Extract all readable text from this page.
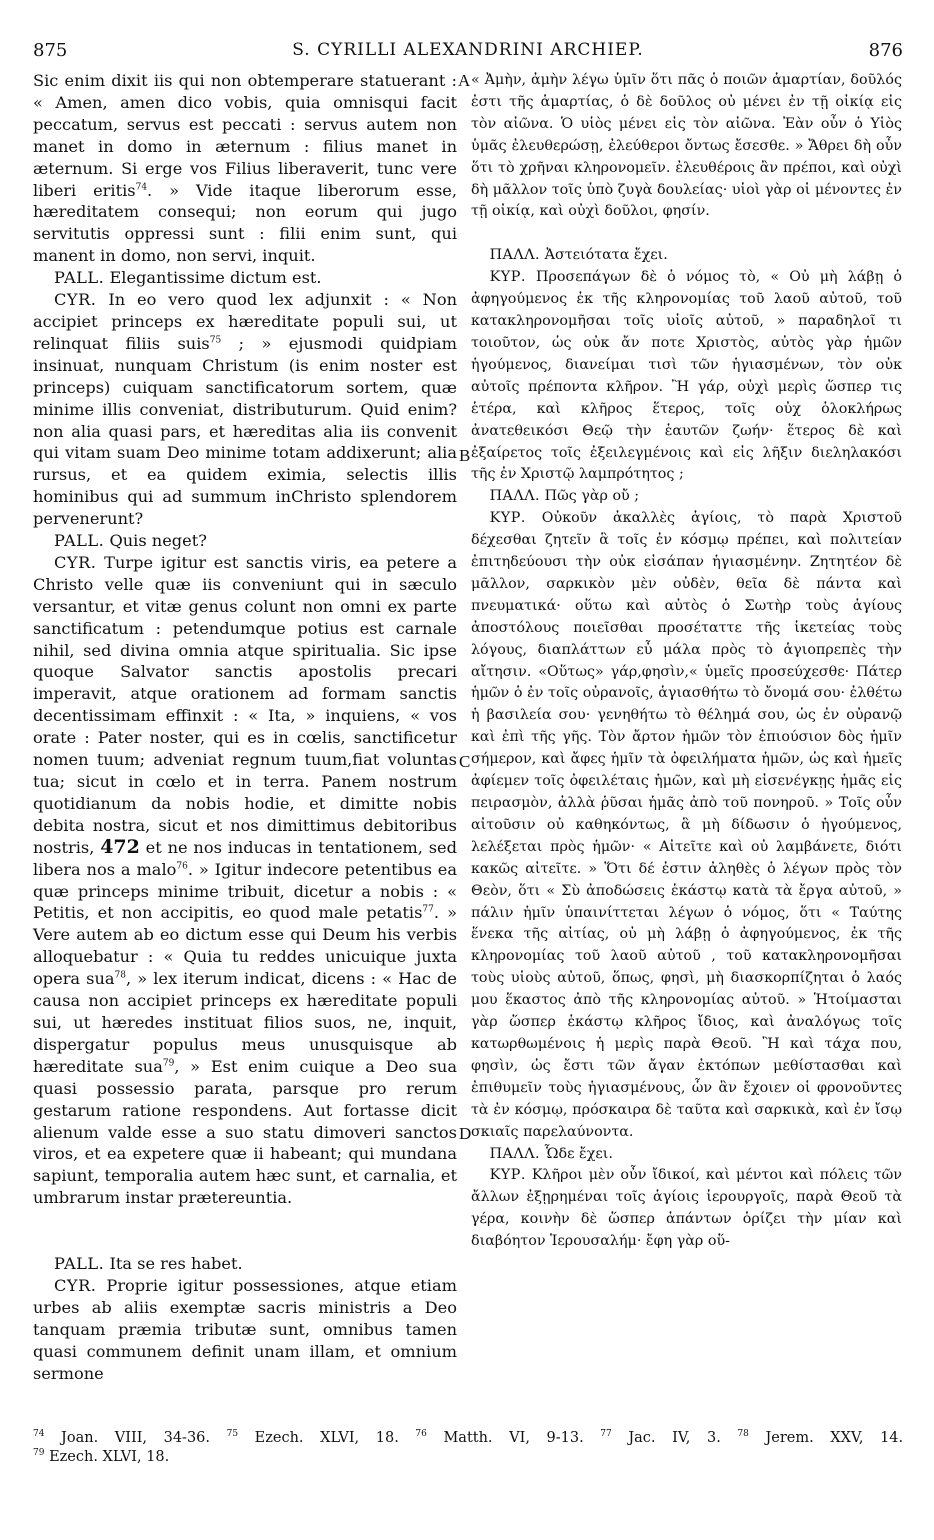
875	S. CYRILLI ALEXANDRINI ARCHIEP.	876
A
B
C
D

Sic enim dixit iis qui non obtemperare statuerant : « Amen, amen dico vobis, quia omnisqui facit peccatum, servus est peccati : servus autem non manet in domo in æternum : filius manet in æternum. Si erge vos Filius liberaverit, tunc vere liberi eritis$^{74}$. » Vide itaque liberorum esse, hæreditatem consequi; non eorum qui jugo servitutis oppressi sunt : filii enim sunt, qui manent in domo, non servi, inquit.

PALL. Elegantissime dictum est.

CYR. In eo vero quod lex adjunxit : « Non accipiet princeps ex hæreditate populi sui, ut relinquat filiis suis$^{75}$ ; » ejusmodi quidpiam insinuat, nunquam Christum (is enim noster est princeps) cuiquam sanctificatorum sortem, quæ minime illis conveniat, distributurum. Quid enim? non alia quasi pars, et hæreditas alia iis convenit qui vitam suam Deo minime totam addixerunt; alia rursus, et ea quidem eximia, selectis illis hominibus qui ad summum inChristo splendorem pervenerunt?

PALL. Quis neget?

CYR. Turpe igitur est sanctis viris, ea petere a Christo velle quæ iis conveniunt qui in sæculo versantur, et vitæ genus colunt non omni ex parte sanctificatum : petendumque potius est carnale nihil, sed divina omnia atque spiritualia. Sic ipse quoque Salvator sanctis apostolis precari imperavit, atque orationem ad formam sanctis decentissimam effinxit : « Ita, » inquiens, « vos orate : Pater noster, qui es in cœlis, sanctificetur nomen tuum; adveniat regnum tuum,fiat voluntas tua; sicut in cœlo et in terra. Panem nostrum quotidianum da nobis hodie, et dimitte nobis debita nostra, sicut et nos dimittimus debitoribus nostris, 472 et ne nos inducas in tentationem, sed libera nos a malo$^{76}$. » Igitur indecore petentibus ea quæ princeps minime tribuit, dicetur a nobis : « Petitis, et non accipitis, eo quod male petatis$^{77}$. » Vere autem ab eo dictum esse qui Deum his verbis alloquebatur : « Quia tu reddes unicuique juxta opera sua$^{78}$, » lex iterum indicat, dicens : « Hac de causa non accipiet princeps ex hæreditate populi sui, ut hæredes instituat filios suos, ne, inquit, dispergatur populus meus unusquisque ab hæreditate sua$^{79}$, » Est enim cuique a Deo sua quasi possessio parata, parsque pro rerum gestarum ratione respondens. Aut fortasse dicit alienum valde esse a suo statu dimoveri sanctos viros, et ea expetere quæ ii habeant; qui mundana sapiunt, temporalia autem hæc sunt, et carnalia, et umbrarum instar prætereuntia.

PALL. Ita se res habet.

CYR. Proprie igitur possessiones, atque etiam urbes ab aliis exemptæ sacris ministris a Deo tanquam præmia tributæ sunt, omnibus tamen quasi communem definit unam illam, et omnium sermone

« Ἀμὴν, ἀμὴν λέγω ὑμῖν ὅτι πᾶς ὁ ποιῶν ἁμαρτίαν, δοῦλός ἐστι τῆς ἁμαρτίας, ὁ δὲ δοῦλος οὐ μένει ἐν τῇ οἰκίᾳ εἰς τὸν αἰῶνα. Ὁ υἱὸς μένει εἰς τὸν αἰῶνα. Ἐὰν οὖν ὁ Υἱὸς ὑμᾶς ἐλευθερώσῃ, ἐλεύθεροι ὄντως ἔσεσθε. » Ἄθρει δὴ οὖν ὅτι τὸ χρῆναι κληρονομεῖν. ἐλευθέροις ἂν πρέποι, καὶ οὐχὶ δὴ μᾶλλον τοῖς ὑπὸ ζυγὰ δουλείας· υἱοὶ γὰρ οἱ μένοντες ἐν τῇ οἰκίᾳ, καὶ οὐχὶ δοῦλοι, φησίν.

ΠΑΛΛ. Ἀστειότατα ἔχει.

ΚΥΡ. Προσεπάγων δὲ ὁ νόμος τὸ, « Οὐ μὴ λάβῃ ὁ ἀφηγούμενος ἐκ τῆς κληρονομίας τοῦ λαοῦ αὐτοῦ, τοῦ κατακληρονομῆσαι τοῖς υἱοῖς αὐτοῦ, » παραδηλοῖ τι τοιοῦτον, ὡς οὐκ ἄν ποτε Χριστὸς, αὐτὸς γὰρ ἡμῶν ἡγούμενος, διανείμαι τισὶ τῶν ἡγιασμένων, τὸν οὐκ αὐτοῖς πρέποντα κλῆρον. Ἢ γάρ, οὐχὶ μερὶς ὥσπερ τις ἑτέρα, καὶ κλῆρος ἕτερος, τοῖς οὐχ ὁλοκλήρως ἀνατεθεικόσι Θεῷ τὴν ἑαυτῶν ζωήν· ἕτερος δὲ καὶ ἐξαίρετος τοῖς ἐξειλεγμένοις καὶ εἰς λῆξιν διεληλακόσι τῆς ἐν Χριστῷ λαμπρότητος ;

ΠΑΛΛ. Πῶς γὰρ οὔ ;

ΚΥΡ. Οὐκοῦν ἀκαλλὲς ἁγίοις, τὸ παρὰ Χριστοῦ δέχεσθαι ζητεῖν ἃ τοῖς ἐν κόσμῳ πρέπει, καὶ πολιτείαν ἐπιτηδεύουσι τὴν οὐκ εἰσάπαν ἡγιασμένην. Ζητητέον δὲ μᾶλλον, σαρκικὸν μὲν οὐδὲν, θεῖα δὲ πάντα καὶ πνευματικά· οὕτω καὶ αὐτὸς ὁ Σωτὴρ τοὺς ἁγίους ἀποστόλους ποιεῖσθαι προσέταττε τῆς ἱκετείας τοὺς λόγους, διαπλάττων εὖ μάλα πρὸς τὸ ἁγιοπρεπὲς τὴν αἴτησιν. «Οὕτως» γάρ,φησὶν,« ὑμεῖς προσεύχεσθε· Πάτερ ἡμῶν ὁ ἐν τοῖς οὐρανοῖς, ἁγιασθήτω τὸ ὄνομά σου· ἐλθέτω ἡ βασιλεία σου· γενηθήτω τὸ θέλημά σου, ὡς ἐν οὐρανῷ καὶ ἐπὶ τῆς γῆς. Τὸν ἄρτον ἡμῶν τὸν ἐπιούσιον δὸς ἡμῖν σήμερον, καὶ ἄφες ἡμῖν τὰ ὀφειλήματα ἡμῶν, ὡς καὶ ἡμεῖς ἀφίεμεν τοῖς ὀφειλέταις ἡμῶν, καὶ μὴ εἰσενέγκῃς ἡμᾶς εἰς πειρασμὸν, ἀλλὰ ῥῦσαι ἡμᾶς ἀπὸ τοῦ πονηροῦ. » Τοῖς οὖν αἰτοῦσιν οὐ καθηκόντως, ἃ μὴ δίδωσιν ὁ ἡγούμενος, λελέξεται πρὸς ἡμῶν· « Αἰτεῖτε καὶ οὐ λαμβάνετε, διότι κακῶς αἰτεῖτε. » Ὅτι δέ ἐστιν ἀληθὲς ὁ λέγων πρὸς τὸν Θεὸν, ὅτι « Σὺ ἀποδώσεις ἑκάστῳ κατὰ τὰ ἔργα αὐτοῦ, » πάλιν ἡμῖν ὑπαινίττεται λέγων ὁ νόμος, ὅτι « Ταύτης ἕνεκα τῆς αἰτίας, οὐ μὴ λάβῃ ὁ ἀφηγούμενος, ἐκ τῆς κληρονομίας τοῦ λαοῦ αὐτοῦ , τοῦ κατακληρονομῆσαι τοὺς υἱοὺς αὐτοῦ, ὅπως, φησὶ, μὴ διασκορπίζηται ὁ λαός μου ἕκαστος ἀπὸ τῆς κληρονομίας αὐτοῦ. » Ἡτοίμασται γὰρ ὥσπερ ἑκάστῳ κλῆρος ἴδιος, καὶ ἀναλόγως τοῖς κατωρθωμένοις ἡ μερὶς παρὰ Θεοῦ. Ἢ καὶ τάχα που, φησὶν, ὡς ἔστι τῶν ἄγαν ἐκτόπων μεθίστασθαι καὶ ἐπιθυμεῖν τοὺς ἡγιασμένους, ὧν ἂν ἔχοιεν οἱ φρονοῦντες τὰ ἐν κόσμῳ, πρόσκαιρα δὲ ταῦτα καὶ σαρκικὰ, καὶ ἐν ἴσῳ σκιαῖς παρελαύνοντα.

ΠΑΛΛ. Ὧδε ἔχει.

ΚΥΡ. Κλῆροι μὲν οὖν ἴδικοί, καὶ μέντοι καὶ πόλεις τῶν ἄλλων ἐξῃρημέναι τοῖς ἁγίοις ἱερουργοῖς, παρὰ Θεοῦ τὰ γέρα, κοινὴν δὲ ὥσπερ ἁπάντων ὁρίζει τὴν μίαν καὶ διαβόητον Ἱερουσαλήμ· ἔφη γὰρ οὕ-

$^{74}$ Joan. VIII, 34-36. $^{75}$ Ezech. XLVI, 18. $^{76}$ Matth. VI, 9-13. $^{77}$ Jac. IV, 3. $^{78}$ Jerem. XXV, 14.

$^{79}$ Ezech. XLVI, 18.
